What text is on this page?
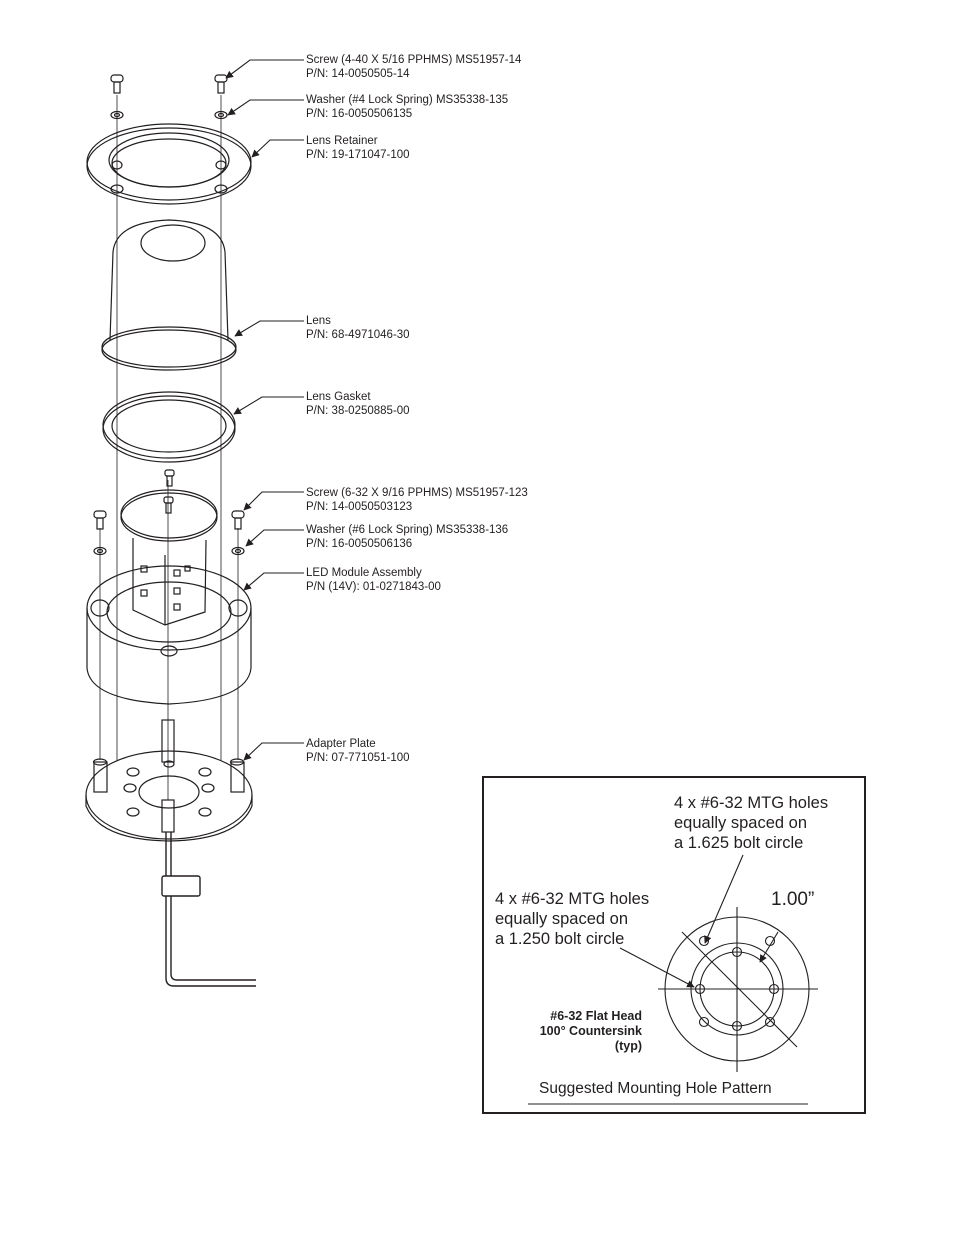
Screw (4-40 X 5/16 PPHMS) MS51957-14
P/N: 14-0050505-14
Washer (#4 Lock Spring) MS35338-135
P/N: 16-0050506135
Lens Retainer
P/N: 19-171047-100
Lens
P/N: 68-4971046-30
Lens Gasket
P/N: 38-0250885-00
Screw (6-32 X 9/16 PPHMS) MS51957-123
P/N: 14-0050503123
Washer (#6 Lock Spring) MS35338-136
P/N: 16-0050506136
LED Module Assembly
P/N (14V): 01-0271843-00
Adapter Plate
P/N: 07-771051-100
4 x #6-32 MTG holes
equally spaced on
a 1.625 bolt circle
4 x #6-32 MTG holes
equally spaced on
a 1.250 bolt circle
1.00”
#6-32 Flat Head
100° Countersink
(typ)
Suggested Mounting Hole Pattern
